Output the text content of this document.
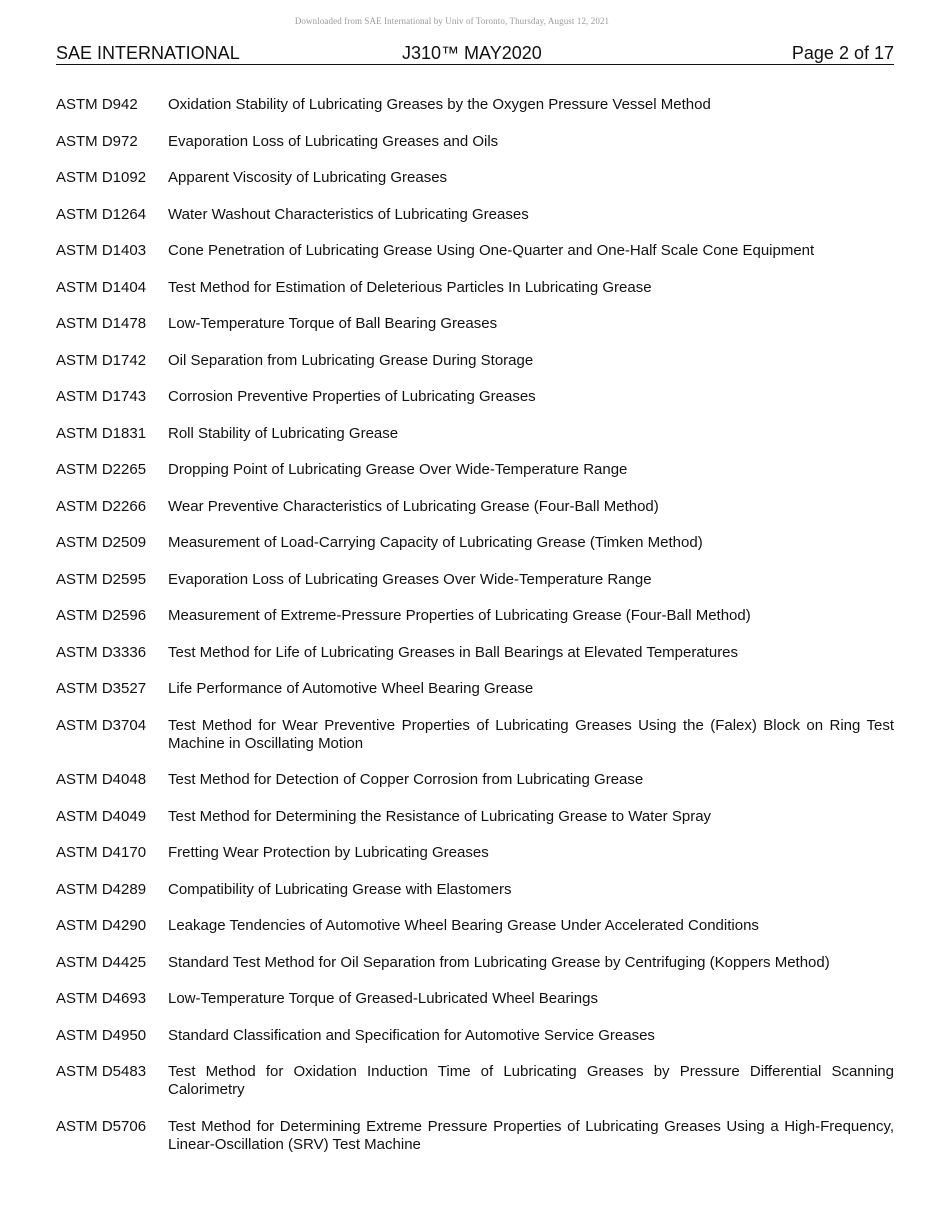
Downloaded from SAE International by Univ of Toronto, Thursday, August 12, 2021
SAE INTERNATIONAL	J310™ MAY2020	Page 2 of 17
ASTM D942	Oxidation Stability of Lubricating Greases by the Oxygen Pressure Vessel Method
ASTM D972	Evaporation Loss of Lubricating Greases and Oils
ASTM D1092	Apparent Viscosity of Lubricating Greases
ASTM D1264	Water Washout Characteristics of Lubricating Greases
ASTM D1403	Cone Penetration of Lubricating Grease Using One-Quarter and One-Half Scale Cone Equipment
ASTM D1404	Test Method for Estimation of Deleterious Particles In Lubricating Grease
ASTM D1478	Low-Temperature Torque of Ball Bearing Greases
ASTM D1742	Oil Separation from Lubricating Grease During Storage
ASTM D1743	Corrosion Preventive Properties of Lubricating Greases
ASTM D1831	Roll Stability of Lubricating Grease
ASTM D2265	Dropping Point of Lubricating Grease Over Wide-Temperature Range
ASTM D2266	Wear Preventive Characteristics of Lubricating Grease (Four-Ball Method)
ASTM D2509	Measurement of Load-Carrying Capacity of Lubricating Grease (Timken Method)
ASTM D2595	Evaporation Loss of Lubricating Greases Over Wide-Temperature Range
ASTM D2596	Measurement of Extreme-Pressure Properties of Lubricating Grease (Four-Ball Method)
ASTM D3336	Test Method for Life of Lubricating Greases in Ball Bearings at Elevated Temperatures
ASTM D3527	Life Performance of Automotive Wheel Bearing Grease
ASTM D3704	Test Method for Wear Preventive Properties of Lubricating Greases Using the (Falex) Block on Ring Test Machine in Oscillating Motion
ASTM D4048	Test Method for Detection of Copper Corrosion from Lubricating Grease
ASTM D4049	Test Method for Determining the Resistance of Lubricating Grease to Water Spray
ASTM D4170	Fretting Wear Protection by Lubricating Greases
ASTM D4289	Compatibility of Lubricating Grease with Elastomers
ASTM D4290	Leakage Tendencies of Automotive Wheel Bearing Grease Under Accelerated Conditions
ASTM D4425	Standard Test Method for Oil Separation from Lubricating Grease by Centrifuging (Koppers Method)
ASTM D4693	Low-Temperature Torque of Greased-Lubricated Wheel Bearings
ASTM D4950	Standard Classification and Specification for Automotive Service Greases
ASTM D5483	Test Method for Oxidation Induction Time of Lubricating Greases by Pressure Differential Scanning Calorimetry
ASTM D5706	Test Method for Determining Extreme Pressure Properties of Lubricating Greases Using a High-Frequency, Linear-Oscillation (SRV) Test Machine
